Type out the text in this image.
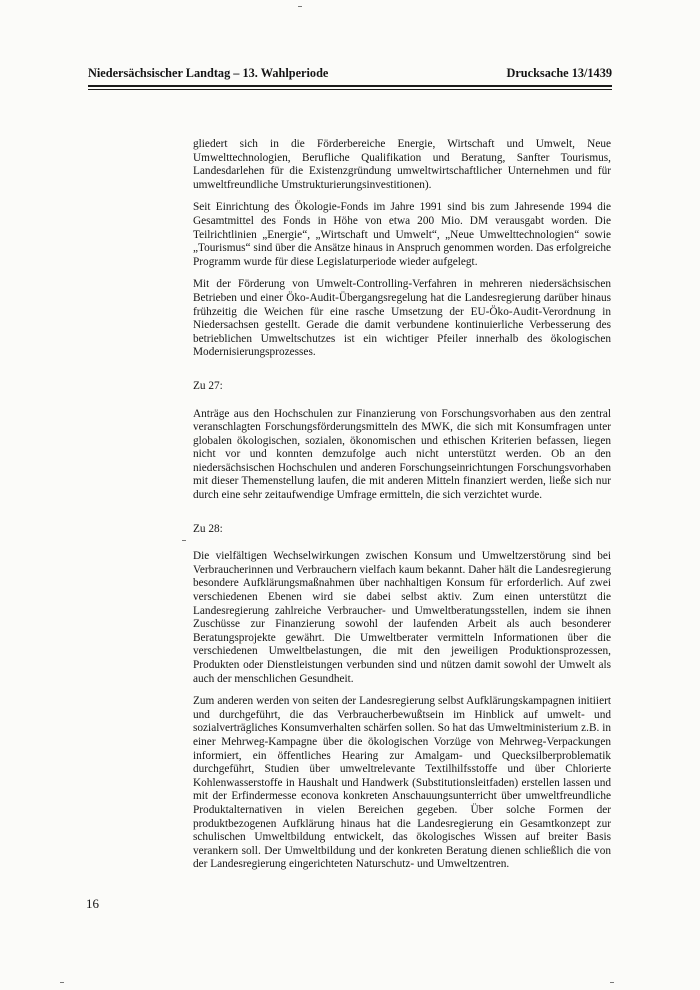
Niedersächsischer Landtag – 13. Wahlperiode	Drucksache 13/1439

gliedert sich in die Förderbereiche Energie, Wirtschaft und Umwelt, Neue Umwelttechnologien, Berufliche Qualifikation und Beratung, Sanfter Tourismus, Landesdarlehen für die Existenzgründung umweltwirtschaftlicher Unternehmen und für umweltfreundliche Umstrukturierungsinvestitionen).

Seit Einrichtung des Ökologie-Fonds im Jahre 1991 sind bis zum Jahresende 1994 die Gesamtmittel des Fonds in Höhe von etwa 200 Mio. DM verausgabt worden. Die Teilrichtlinien „Energie“, „Wirtschaft und Umwelt“, „Neue Umwelttechnologien“ sowie „Tourismus“ sind über die Ansätze hinaus in Anspruch genommen worden. Das erfolgreiche Programm wurde für diese Legislaturperiode wieder aufgelegt.

Mit der Förderung von Umwelt-Controlling-Verfahren in mehreren niedersächsischen Betrieben und einer Öko-Audit-Übergangsregelung hat die Landesregierung darüber hinaus frühzeitig die Weichen für eine rasche Umsetzung der EU-Öko-Audit-Verordnung in Niedersachsen gestellt. Gerade die damit verbundene kontinuierliche Verbesserung des betrieblichen Umweltschutzes ist ein wichtiger Pfeiler innerhalb des ökologischen Modernisierungsprozesses.

Zu 27:

Anträge aus den Hochschulen zur Finanzierung von Forschungsvorhaben aus den zentral veranschlagten Forschungsförderungsmitteln des MWK, die sich mit Konsumfragen unter globalen ökologischen, sozialen, ökonomischen und ethischen Kriterien befassen, liegen nicht vor und konnten demzufolge auch nicht unterstützt werden. Ob an den niedersächsischen Hochschulen und anderen Forschungseinrichtungen Forschungsvorhaben mit dieser Themenstellung laufen, die mit anderen Mitteln finanziert werden, ließe sich nur durch eine sehr zeitaufwendige Umfrage ermitteln, die sich verzichtet wurde.

Zu 28:

Die vielfältigen Wechselwirkungen zwischen Konsum und Umweltzerstörung sind bei Verbraucherinnen und Verbrauchern vielfach kaum bekannt. Daher hält die Landesregierung besondere Aufklärungsmaßnahmen über nachhaltigen Konsum für erforderlich. Auf zwei verschiedenen Ebenen wird sie dabei selbst aktiv. Zum einen unterstützt die Landesregierung zahlreiche Verbraucher- und Umweltberatungsstellen, indem sie ihnen Zuschüsse zur Finanzierung sowohl der laufenden Arbeit als auch besonderer Beratungsprojekte gewährt. Die Umweltberater vermitteln Informationen über die verschiedenen Umweltbelastungen, die mit den jeweiligen Produktionsprozessen, Produkten oder Dienstleistungen verbunden sind und nützen damit sowohl der Umwelt als auch der menschlichen Gesundheit.

Zum anderen werden von seiten der Landesregierung selbst Aufklärungskampagnen initiiert und durchgeführt, die das Verbraucherbewußtsein im Hinblick auf umwelt- und sozialverträgliches Konsumverhalten schärfen sollen. So hat das Umweltministerium z.B. in einer Mehrweg-Kampagne über die ökologischen Vorzüge von Mehrweg-Verpackungen informiert, ein öffentliches Hearing zur Amalgam- und Quecksilberproblematik durchgeführt, Studien über umweltrelevante Textilhilfsstoffe und über Chlorierte Kohlenwasserstoffe in Haushalt und Handwerk (Substitutionsleitfaden) erstellen lassen und mit der Erfindermesse econova konkreten Anschauungsunterricht über umweltfreundliche Produktalternativen in vielen Bereichen gegeben. Über solche Formen der produktbezogenen Aufklärung hinaus hat die Landesregierung ein Gesamtkonzept zur schulischen Umweltbildung entwickelt, das ökologisches Wissen auf breiter Basis verankern soll. Der Umweltbildung und der konkreten Beratung dienen schließlich die von der Landesregierung eingerichteten Naturschutz- und Umweltzentren.

16
